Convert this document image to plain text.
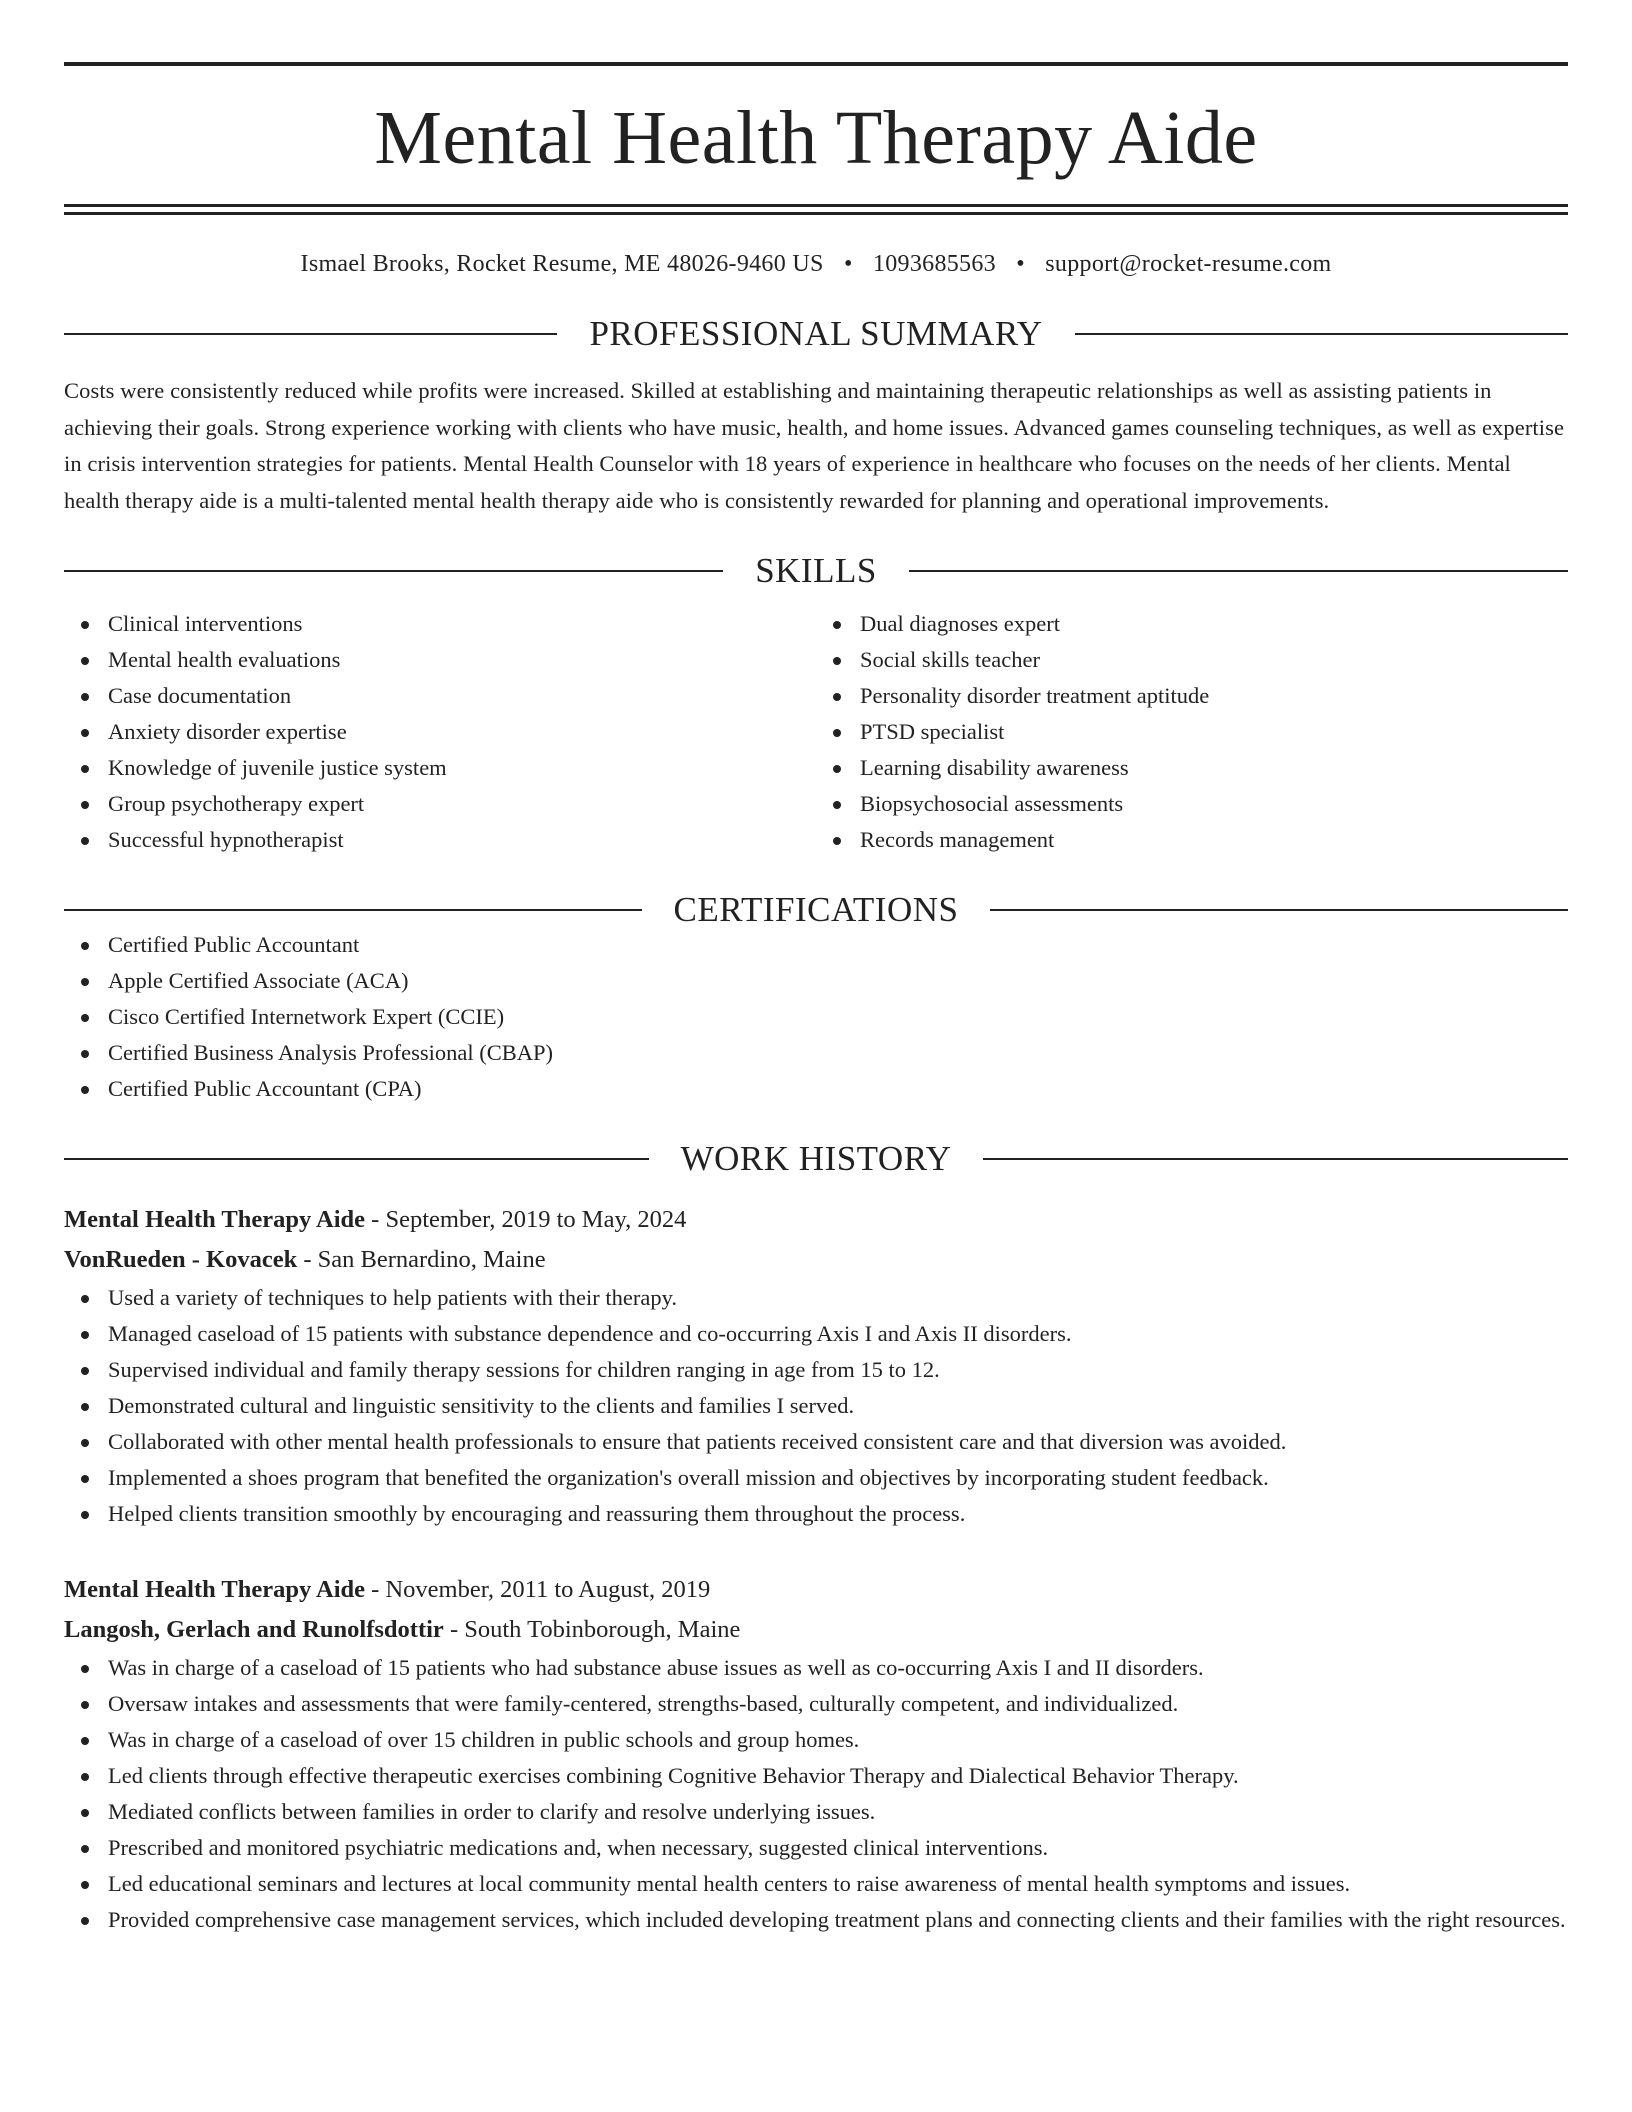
Mental Health Therapy Aide
Ismael Brooks, Rocket Resume, ME 48026-9460 US • 1093685563 • support@rocket-resume.com
PROFESSIONAL SUMMARY
Costs were consistently reduced while profits were increased. Skilled at establishing and maintaining therapeutic relationships as well as assisting patients in achieving their goals. Strong experience working with clients who have music, health, and home issues. Advanced games counseling techniques, as well as expertise in crisis intervention strategies for patients. Mental Health Counselor with 18 years of experience in healthcare who focuses on the needs of her clients. Mental health therapy aide is a multi-talented mental health therapy aide who is consistently rewarded for planning and operational improvements.
SKILLS
Clinical interventions
Mental health evaluations
Case documentation
Anxiety disorder expertise
Knowledge of juvenile justice system
Group psychotherapy expert
Successful hypnotherapist
Dual diagnoses expert
Social skills teacher
Personality disorder treatment aptitude
PTSD specialist
Learning disability awareness
Biopsychosocial assessments
Records management
CERTIFICATIONS
Certified Public Accountant
Apple Certified Associate (ACA)
Cisco Certified Internetwork Expert (CCIE)
Certified Business Analysis Professional (CBAP)
Certified Public Accountant (CPA)
WORK HISTORY
Mental Health Therapy Aide - September, 2019 to May, 2024
VonRueden - Kovacek - San Bernardino, Maine
Used a variety of techniques to help patients with their therapy.
Managed caseload of 15 patients with substance dependence and co-occurring Axis I and Axis II disorders.
Supervised individual and family therapy sessions for children ranging in age from 15 to 12.
Demonstrated cultural and linguistic sensitivity to the clients and families I served.
Collaborated with other mental health professionals to ensure that patients received consistent care and that diversion was avoided.
Implemented a shoes program that benefited the organization's overall mission and objectives by incorporating student feedback.
Helped clients transition smoothly by encouraging and reassuring them throughout the process.
Mental Health Therapy Aide - November, 2011 to August, 2019
Langosh, Gerlach and Runolfsdottir - South Tobinborough, Maine
Was in charge of a caseload of 15 patients who had substance abuse issues as well as co-occurring Axis I and II disorders.
Oversaw intakes and assessments that were family-centered, strengths-based, culturally competent, and individualized.
Was in charge of a caseload of over 15 children in public schools and group homes.
Led clients through effective therapeutic exercises combining Cognitive Behavior Therapy and Dialectical Behavior Therapy.
Mediated conflicts between families in order to clarify and resolve underlying issues.
Prescribed and monitored psychiatric medications and, when necessary, suggested clinical interventions.
Led educational seminars and lectures at local community mental health centers to raise awareness of mental health symptoms and issues.
Provided comprehensive case management services, which included developing treatment plans and connecting clients and their families with the right resources.
